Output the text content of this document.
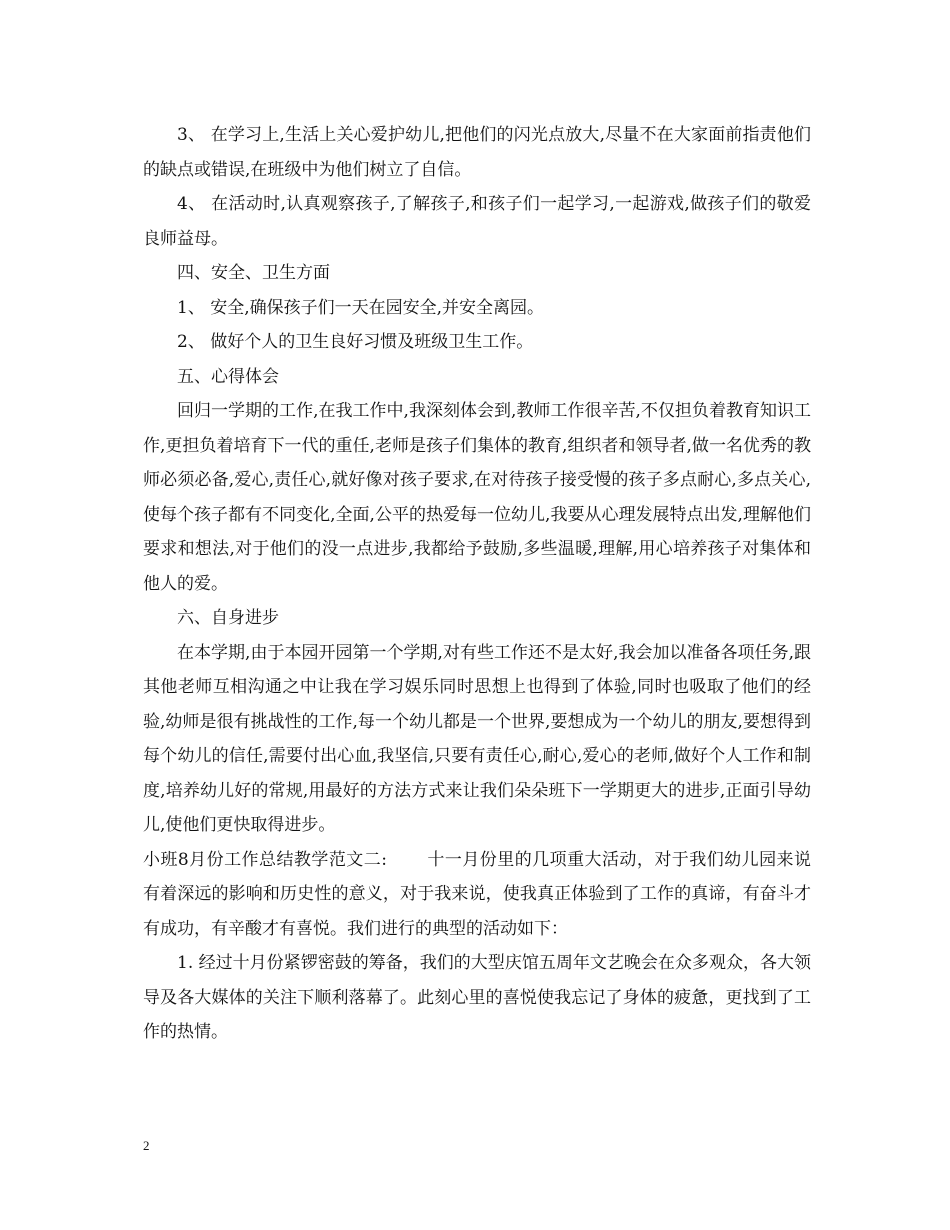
3、 在学习上,生活上关心爱护幼儿,把他们的闪光点放大,尽量不在大家面前指责他们的缺点或错误,在班级中为他们树立了自信。

4、 在活动时,认真观察孩子,了解孩子,和孩子们一起学习,一起游戏,做孩子们的敬爱良师益母。

四、安全、卫生方面

1、 安全,确保孩子们一天在园安全,并安全离园。

2、 做好个人的卫生良好习惯及班级卫生工作。

五、心得体会

回归一学期的工作,在我工作中,我深刻体会到,教师工作很辛苦,不仅担负着教育知识工作,更担负着培育下一代的重任,老师是孩子们集体的教育,组织者和领导者,做一名优秀的教师必须必备,爱心,责任心,就好像对孩子要求,在对待孩子接受慢的孩子多点耐心,多点关心,使每个孩子都有不同变化,全面,公平的热爱每一位幼儿,我要从心理发展特点出发,理解他们要求和想法,对于他们的没一点进步,我都给予鼓励,多些温暖,理解,用心培养孩子对集体和他人的爱。

六、自身进步

在本学期,由于本园开园第一个学期,对有些工作还不是太好,我会加以准备各项任务,跟其他老师互相沟通之中让我在学习娱乐同时思想上也得到了体验,同时也吸取了他们的经验,幼师是很有挑战性的工作,每一个幼儿都是一个世界,要想成为一个幼儿的朋友,要想得到每个幼儿的信任,需要付出心血,我坚信,只要有责任心,耐心,爱心的老师,做好个人工作和制度,培养幼儿好的常规,用最好的方法方式来让我们朵朵班下一学期更大的进步,正面引导幼儿,使他们更快取得进步。

小班8月份工作总结教学范文二: 十一月份里的几项重大活动，对于我们幼儿园来说有着深远的影响和历史性的意义，对于我来说，使我真正体验到了工作的真谛，有奋斗才有成功，有辛酸才有喜悦。我们进行的典型的活动如下：

1. 经过十月份紧锣密鼓的筹备，我们的大型庆馆五周年文艺晚会在众多观众，各大领导及各大媒体的关注下顺利落幕了。此刻心里的喜悦使我忘记了身体的疲惫，更找到了工作的热情。

2
